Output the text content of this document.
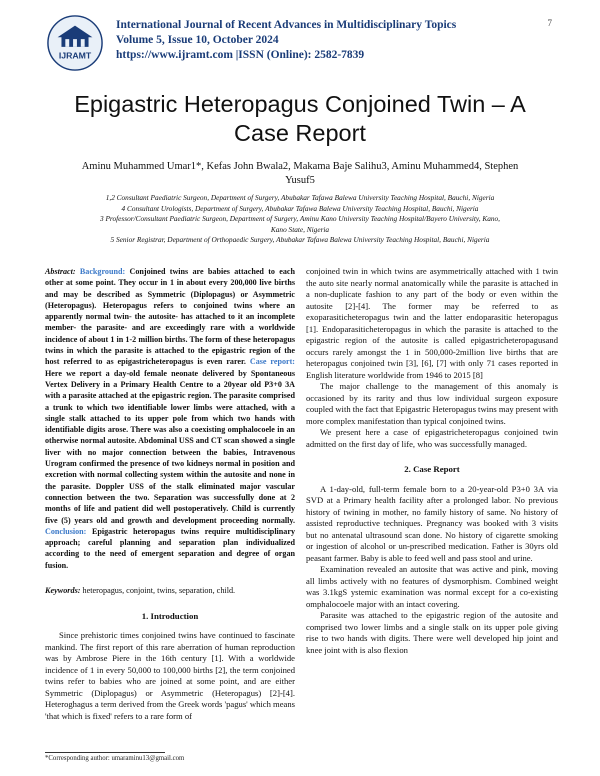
IJRAMT
International Journal of Recent Advances in Multidisciplinary Topics
Volume 5, Issue 10, October 2024
https://www.ijramt.com |ISSN (Online): 2582-7839
7
Epigastric Heteropagus Conjoined Twin – A Case Report
Aminu Muhammed Umar1*, Kefas John Bwala2, Makama Baje Salihu3, Aminu Muhammed4, Stephen Yusuf5
1,2 Consultant Paediatric Surgeon, Department of Surgery, Abubakar Tafawa Balewa University Teaching Hospital, Bauchi, Nigeria
4 Consultant Urologists, Department of Surgery, Abubakar Tafawa Balewa University Teaching Hospital, Bauchi, Nigeria
3 Professor/Consultant Paediatric Surgeon, Department of Surgery, Aminu Kano University Teaching Hospital/Bayero University, Kano,
Kano State, Nigeria
5 Senior Registrar, Department of Orthopaedic Surgery, Abubakar Tafawa Balewa University Teaching Hospital, Bauchi, Nigeria
Abstract: Background: Conjoined twins are babies attached to each other at some point. They occur in 1 in about every 200,000 live births and may be described as Symmetric (Diplopagus) or Asymmetric (Heteropagus). Heteropagus refers to conjoined twins where an apparently normal twin- the autosite- has attached to it an incomplete member- the parasite- and are exceedingly rare with a worldwide incidence of about 1 in 1-2 million births. The form of these heteropagus twins in which the parasite is attached to the epigastric region of the host referred to as epigastricheteropagus is even rarer. Case report: Here we report a day-old female neonate delivered by Spontaneous Vertex Delivery in a Primary Health Centre to a 20year old P3+0 3A with a parasite attached at the epigastric region. The parasite comprised a trunk to which two identifiable lower limbs were attached, with a single stalk attached to its upper pole from which two hands with identifiable digits arose. There was also a coexisting omphalocoele in an otherwise normal autosite. Abdominal USS and CT scan showed a single liver with no major connection between the babies, Intravenous Urogram confirmed the presence of two kidneys normal in position and excretion with normal collecting system within the autosite and none in the parasite. Doppler USS of the stalk eliminated major vascular connection between the two. Separation was successfully done at 2 months of life and patient did well postoperatively. Child is currently five (5) years old and growth and development proceeding normally. Conclusion: Epigastric heteropagus twins require multidisciplinary approach; careful planning and separation plan individualized according to the need of emergent separation and degree of organ fusion.
Keywords: heteropagus, conjoint, twins, separation, child.
1. Introduction

Since prehistoric times conjoined twins have continued to fascinate mankind. The first report of this rare aberration of human reproduction was by Ambrose Piere in the 16th century [1]. With a worldwide incidence of 1 in every 50,000 to 100,000 births [2], the term conjoined twins refer to babies who are joined at some point, and are either Symmetric (Diplopagus) or Asymmetric (Heteropagus) [2]-[4]. Heteroghagus a term derived from the Greek words 'pagus' which means 'that which is fixed' refers to a rare form of

conjoined twin in which twins are asymmetrically attached with 1 twin the auto site nearly normal anatomically while the parasite is attached in a non-duplicate fashion to any part of the body or even within the autosite [2]-[4]. The former may be referred to as exoparasiticheteropagus twin and the latter endoparasitic heteropagus [1]. Endoparasiticheteropagus in which the parasite is attached to the epigastric region of the autosite is called epigastricheteropagusand occurs rarely amongst the 1 in 500,000-2million live births that are heteropagus conjoined twin [3], [6], [7] with only 71 cases reported in English literature worldwide from 1946 to 2015 [8]

The major challenge to the management of this anomaly is occasioned by its rarity and thus low individual surgeon exposure coupled with the fact that Epigastric Heteropagus twins may present with more complex manifestation than typical conjoined twins.

We present here a case of epigastricheteropagus conjoined twin admitted on the first day of life, who was successfully managed.

2. Case Report

A 1-day-old, full-term female born to a 20-year-old P3+0 3A via SVD at a Primary health facility after a prolonged labor. No previous history of twining in mother, no family history of same. No history of assisted reproductive techniques. Pregnancy was booked with 3 visits but no antenatal ultrasound scan done. No history of cigarette smoking or ingestion of alcohol or un-prescribed medication. Father is 30yrs old peasant farmer. Baby is able to feed well and pass stool and urine.

Examination revealed an autosite that was active and pink, moving all limbs actively with no features of dysmorphism. Combined weight was 3.1kgS ystemic examination was normal except for a co-existing omphalocoele major with an intact covering.

Parasite was attached to the epigastric region of the autosite and comprised two lower limbs and a single stalk on its upper pole giving rise to two hands with digits. There were well developed hip joint and knee joint with is also flexion

*Corresponding author: umaraminu13@gmail.com
